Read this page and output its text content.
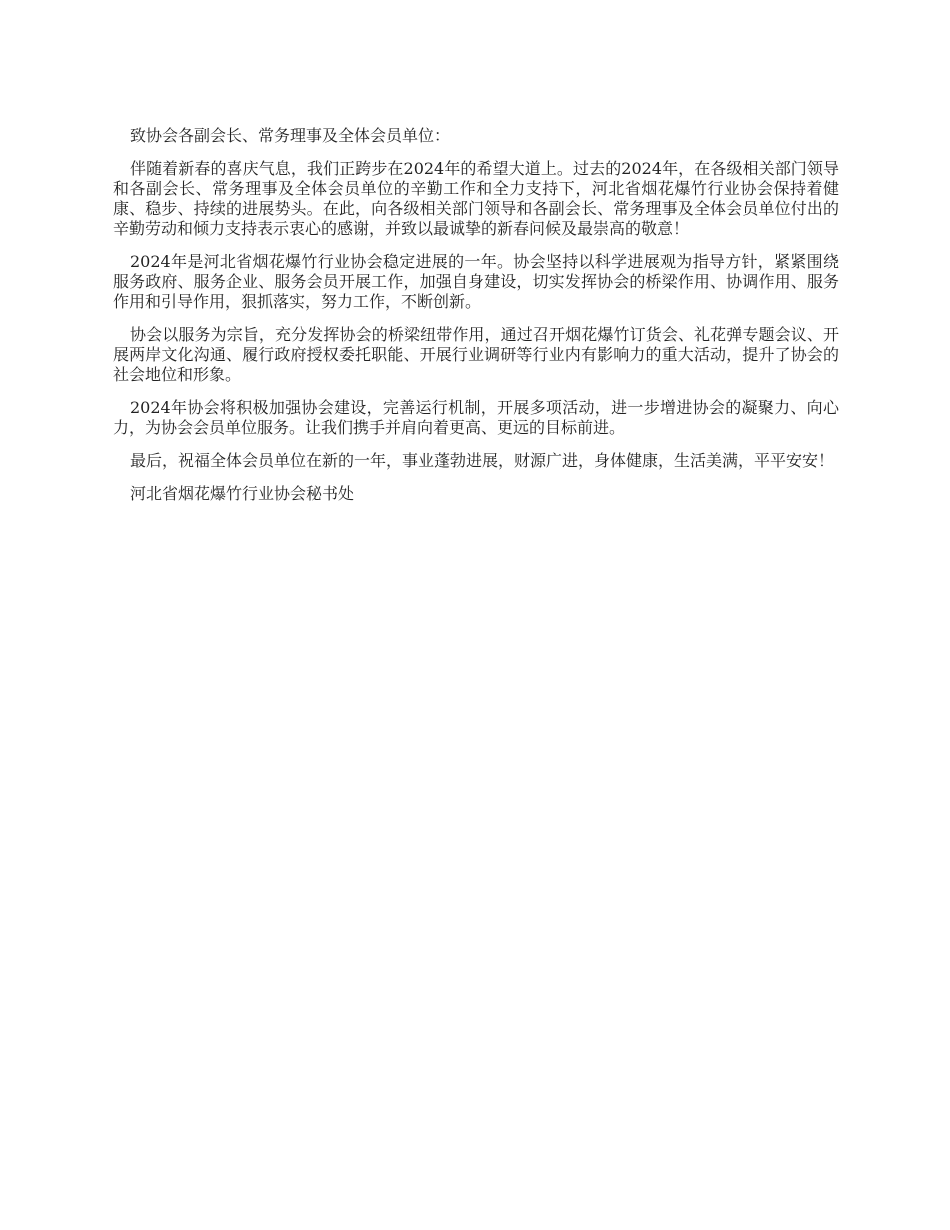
致协会各副会长、常务理事及全体会员单位：

伴随着新春的喜庆气息，我们正跨步在2024年的希望大道上。过去的2024年，在各级相关部门领导和各副会长、常务理事及全体会员单位的辛勤工作和全力支持下，河北省烟花爆竹行业协会保持着健康、稳步、持续的进展势头。在此，向各级相关部门领导和各副会长、常务理事及全体会员单位付出的辛勤劳动和倾力支持表示衷心的感谢，并致以最诚挚的新春问候及最崇高的敬意！

2024年是河北省烟花爆竹行业协会稳定进展的一年。协会坚持以科学进展观为指导方针，紧紧围绕服务政府、服务企业、服务会员开展工作，加强自身建设，切实发挥协会的桥梁作用、协调作用、服务作用和引导作用，狠抓落实，努力工作，不断创新。

协会以服务为宗旨，充分发挥协会的桥梁纽带作用，通过召开烟花爆竹订货会、礼花弹专题会议、开展两岸文化沟通、履行政府授权委托职能、开展行业调研等行业内有影响力的重大活动，提升了协会的社会地位和形象。

2024年协会将积极加强协会建设，完善运行机制，开展多项活动，进一步增进协会的凝聚力、向心力，为协会会员单位服务。让我们携手并肩向着更高、更远的目标前进。

最后，祝福全体会员单位在新的一年，事业蓬勃进展，财源广进，身体健康，生活美满，平平安安！

河北省烟花爆竹行业协会秘书处
